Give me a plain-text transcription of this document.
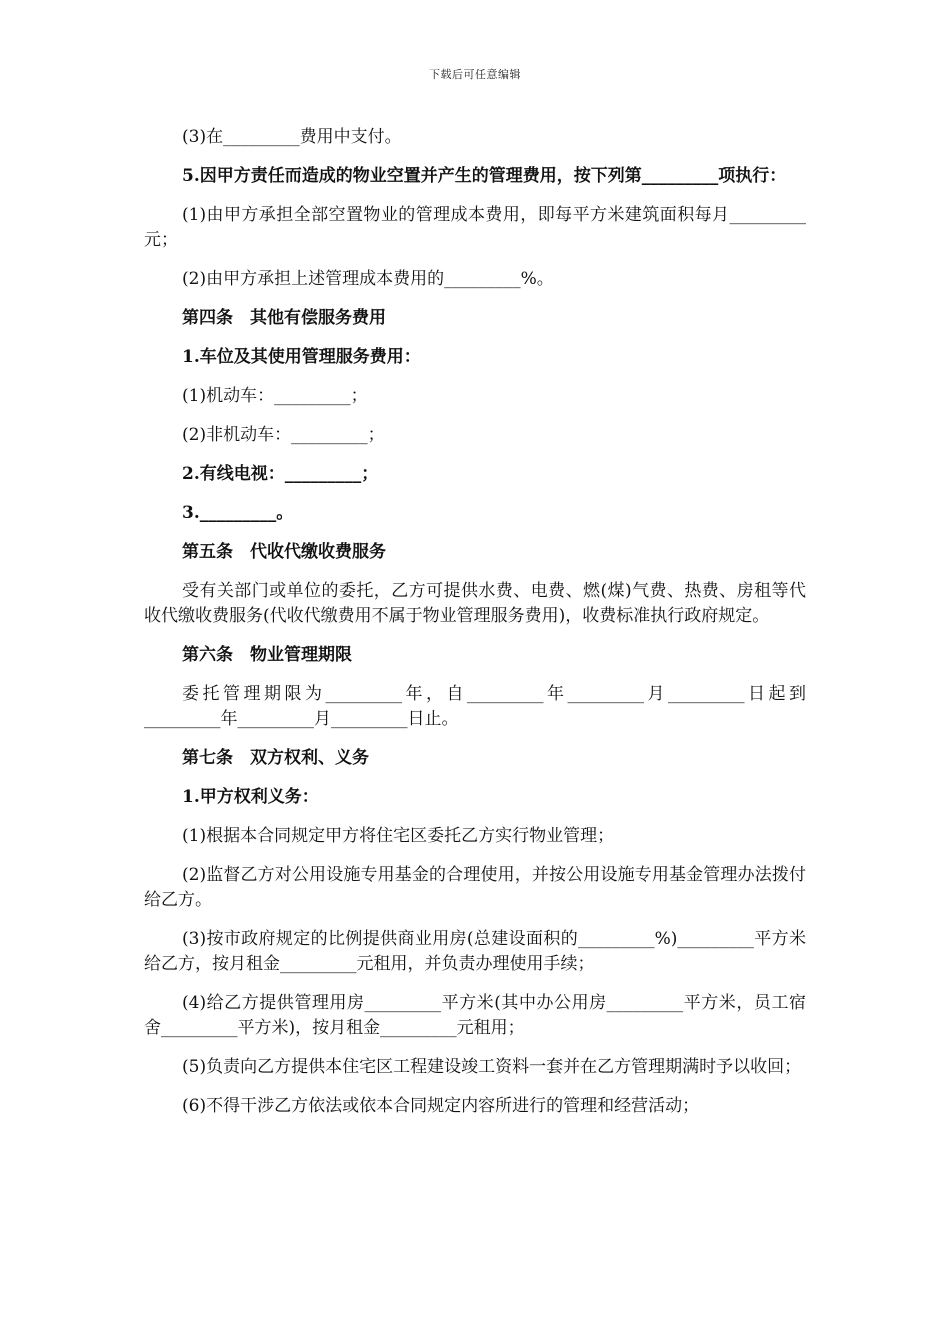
下载后可任意编辑
(3)在_________费用中支付。
5.因甲方责任而造成的物业空置并产生的管理费用，按下列第_________项执行：
(1)由甲方承担全部空置物业的管理成本费用，即每平方米建筑面积每月_________元；
(2)由甲方承担上述管理成本费用的_________%。
第四条　其他有偿服务费用
1.车位及其使用管理服务费用：
(1)机动车：_________；
(2)非机动车：_________；
2.有线电视：_________；
3._________。
第五条　代收代缴收费服务
受有关部门或单位的委托，乙方可提供水费、电费、燃(煤)气费、热费、房租等代收代缴收费服务(代收代缴费用不属于物业管理服务费用)，收费标准执行政府规定。
第六条　物业管理期限
委托管理期限为_________年，自_________年_________月_________日起到_________年_________月_________日止。
第七条　双方权利、义务
1.甲方权利义务：
(1)根据本合同规定甲方将住宅区委托乙方实行物业管理；
(2)监督乙方对公用设施专用基金的合理使用，并按公用设施专用基金管理办法拨付给乙方。
(3)按市政府规定的比例提供商业用房(总建设面积的_________%)_________平方米给乙方，按月租金_________元租用，并负责办理使用手续；
(4)给乙方提供管理用房_________平方米(其中办公用房_________平方米，员工宿舍_________平方米)，按月租金_________元租用；
(5)负责向乙方提供本住宅区工程建设竣工资料一套并在乙方管理期满时予以收回；
(6)不得干涉乙方依法或依本合同规定内容所进行的管理和经营活动；
